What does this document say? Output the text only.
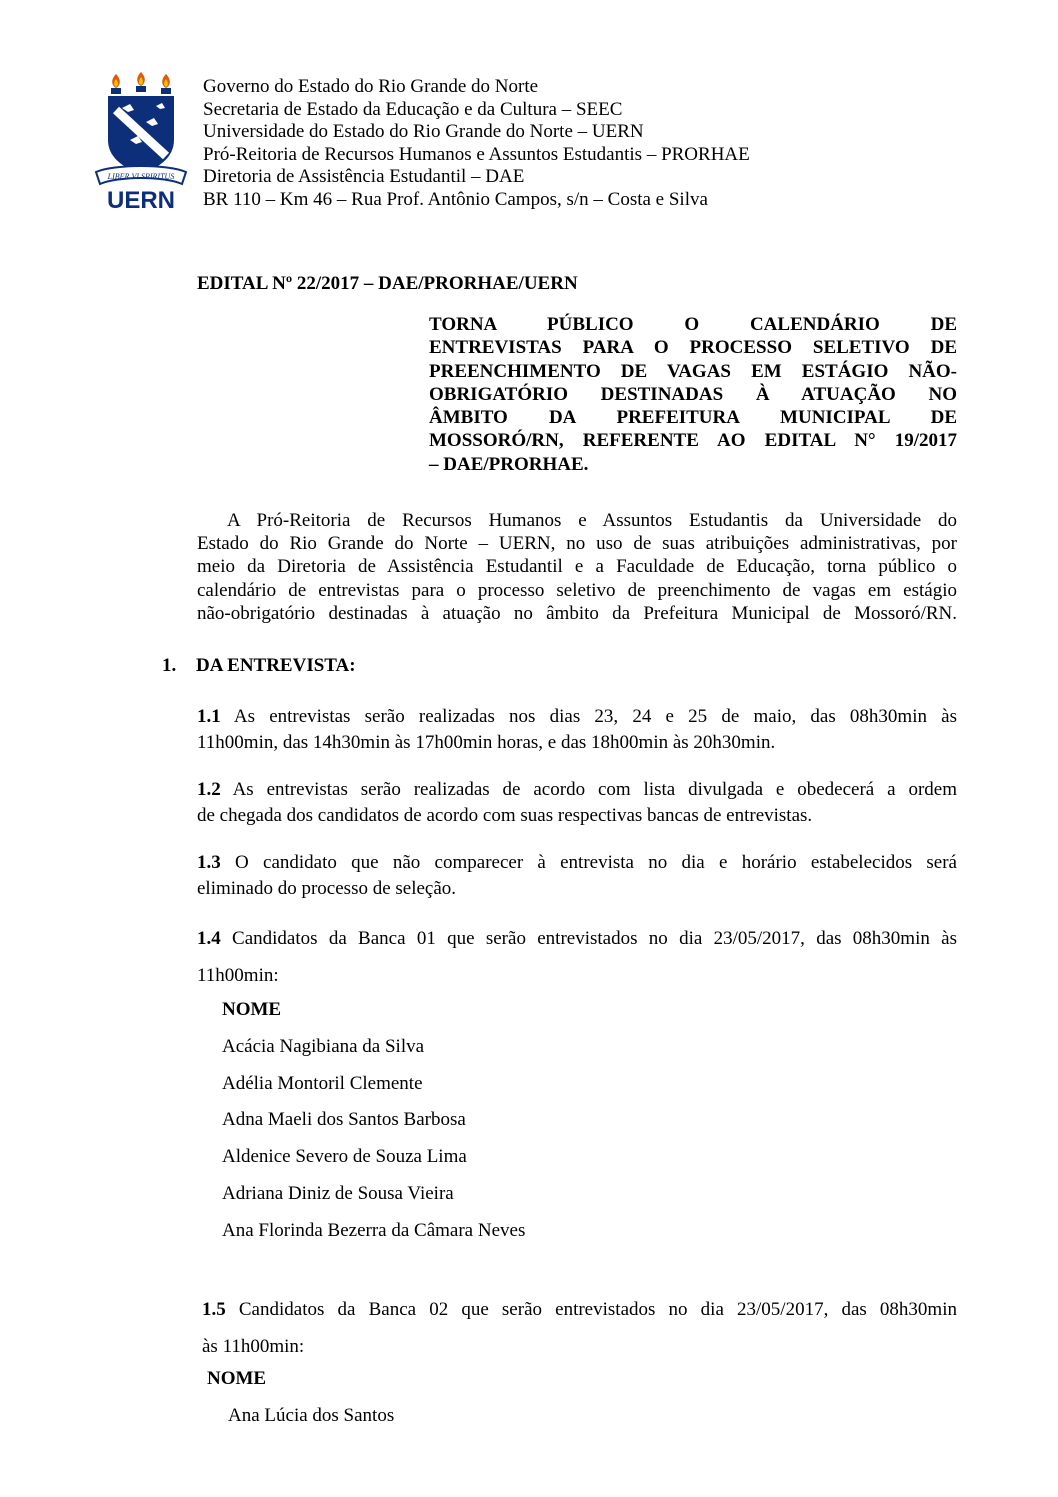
LIBER VI SPIRITUS
UERN
Governo do Estado do Rio Grande do Norte
Secretaria de Estado da Educação e da Cultura – SEEC
Universidade do Estado do Rio Grande do Norte – UERN
Pró-Reitoria de Recursos Humanos e Assuntos Estudantis – PRORHAE
Diretoria de Assistência Estudantil – DAE
BR 110 – Km 46 – Rua Prof. Antônio Campos, s/n – Costa e Silva
EDITAL Nº 22/2017 – DAE/PRORHAE/UERN
TORNA PÚBLICO O CALENDÁRIO DE
ENTREVISTAS PARA O PROCESSO SELETIVO DE
PREENCHIMENTO DE VAGAS EM ESTÁGIO NÃO-
OBRIGATÓRIO DESTINADAS À ATUAÇÃO NO
ÂMBITO DA PREFEITURA MUNICIPAL DE
MOSSORÓ/RN, REFERENTE AO EDITAL N° 19/2017
– DAE/PRORHAE.
A Pró-Reitoria de Recursos Humanos e Assuntos Estudantis da Universidade do
Estado do Rio Grande do Norte – UERN, no uso de suas atribuições administrativas, por
meio da Diretoria de Assistência Estudantil e a Faculdade de Educação, torna público o
calendário de entrevistas para o processo seletivo de preenchimento de vagas em estágio
não-obrigatório destinadas à atuação no âmbito da Prefeitura Municipal de Mossoró/RN.
1. DA ENTREVISTA:
1.1 As entrevistas serão realizadas nos dias 23, 24 e 25 de maio, das 08h30min às
11h00min, das 14h30min às 17h00min horas, e das 18h00min às 20h30min.
1.2 As entrevistas serão realizadas de acordo com lista divulgada e obedecerá a ordem
de chegada dos candidatos de acordo com suas respectivas bancas de entrevistas.
1.3 O candidato que não comparecer à entrevista no dia e horário estabelecidos será
eliminado do processo de seleção.
1.4 Candidatos da Banca 01 que serão entrevistados no dia 23/05/2017, das 08h30min às
11h00min:
NOME
Acácia Nagibiana da Silva
Adélia Montoril Clemente
Adna Maeli dos Santos Barbosa
Aldenice Severo de Souza Lima
Adriana Diniz de Sousa Vieira
Ana Florinda Bezerra da Câmara Neves
1.5 Candidatos da Banca 02 que serão entrevistados no dia 23/05/2017, das 08h30min
às 11h00min:
NOME
Ana Lúcia dos Santos
